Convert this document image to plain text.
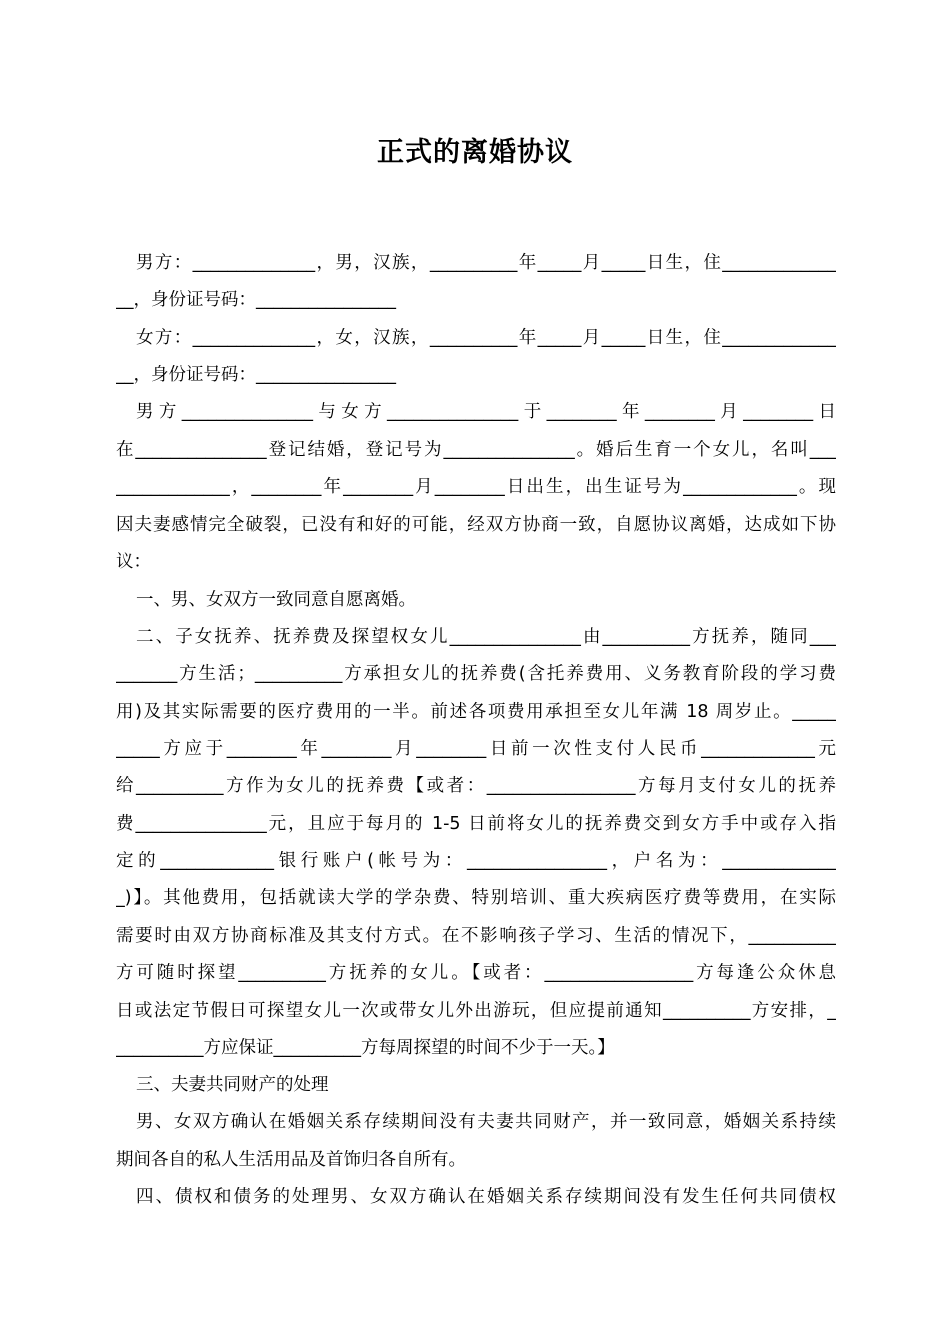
正式的离婚协议
男方：______________，男，汉族，__________年_____月_____日生，住_____________
__，身份证号码：________________
女方：______________，女，汉族，__________年_____月_____日生，住_____________
__，身份证号码：________________
男方_______________与女方_______________于________年________月________日
在_______________登记结婚，登记号为_______________。婚后生育一个女儿，名叫___
_____________，________年________月________日出生，出生证号为_____________。现
因夫妻感情完全破裂，已没有和好的可能，经双方协商一致，自愿协议离婚，达成如下协
议：
一、男、女双方一致同意自愿离婚。
二、子女抚养、抚养费及探望权女儿_______________由__________方抚养，随同___
_______方生活；__________方承担女儿的抚养费(含托养费用、义务教育阶段的学习费
用)及其实际需要的医疗费用的一半。前述各项费用承担至女儿年满 18 周岁止。_____
_____方应于________年________月________日前一次性支付人民币_____________元
给__________方作为女儿的抚养费【或者：_________________方每月支付女儿的抚养
费_______________元，且应于每月的 1-5 日前将女儿的抚养费交到女方手中或存入指
定的_____________银行账户(帐号为：________________，户名为：_____________
_)】。其他费用，包括就读大学的学杂费、特别培训、重大疾病医疗费等费用，在实际
需要时由双方协商标准及其支付方式。在不影响孩子学习、生活的情况下，__________
方可随时探望__________方抚养的女儿。【或者：_________________方每逢公众休息
日或法定节假日可探望女儿一次或带女儿外出游玩，但应提前通知__________方安排，_
__________方应保证__________方每周探望的时间不少于一天。】
三、夫妻共同财产的处理
男、女双方确认在婚姻关系存续期间没有夫妻共同财产，并一致同意，婚姻关系持续
期间各自的私人生活用品及首饰归各自所有。
四、债权和债务的处理男、女双方确认在婚姻关系存续期间没有发生任何共同债权
